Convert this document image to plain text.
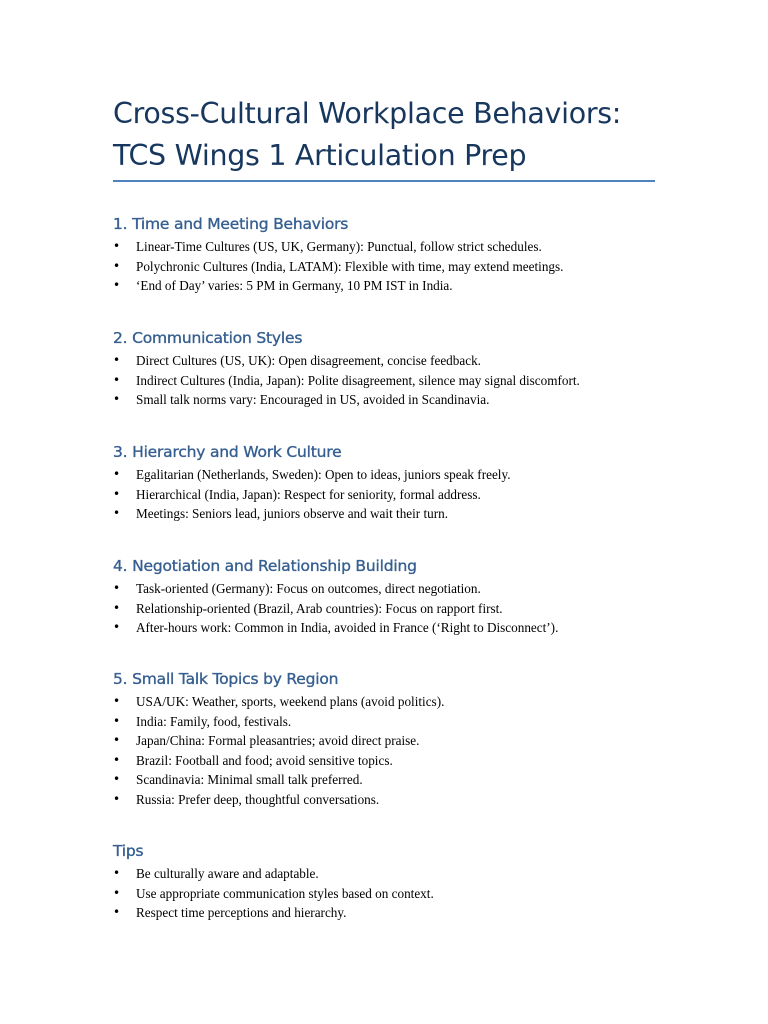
Cross-Cultural Workplace Behaviors: TCS Wings 1 Articulation Prep
1. Time and Meeting Behaviors
•	Linear-Time Cultures (US, UK, Germany): Punctual, follow strict schedules.
•	Polychronic Cultures (India, LATAM): Flexible with time, may extend meetings.
•	‘End of Day’ varies: 5 PM in Germany, 10 PM IST in India.
2. Communication Styles
•	Direct Cultures (US, UK): Open disagreement, concise feedback.
•	Indirect Cultures (India, Japan): Polite disagreement, silence may signal discomfort.
•	Small talk norms vary: Encouraged in US, avoided in Scandinavia.
3. Hierarchy and Work Culture
•	Egalitarian (Netherlands, Sweden): Open to ideas, juniors speak freely.
•	Hierarchical (India, Japan): Respect for seniority, formal address.
•	Meetings: Seniors lead, juniors observe and wait their turn.
4. Negotiation and Relationship Building
•	Task-oriented (Germany): Focus on outcomes, direct negotiation.
•	Relationship-oriented (Brazil, Arab countries): Focus on rapport first.
•	After-hours work: Common in India, avoided in France (‘Right to Disconnect’).
5. Small Talk Topics by Region
•	USA/UK: Weather, sports, weekend plans (avoid politics).
•	India: Family, food, festivals.
•	Japan/China: Formal pleasantries; avoid direct praise.
•	Brazil: Football and food; avoid sensitive topics.
•	Scandinavia: Minimal small talk preferred.
•	Russia: Prefer deep, thoughtful conversations.
Tips
•	Be culturally aware and adaptable.
•	Use appropriate communication styles based on context.
•	Respect time perceptions and hierarchy.
